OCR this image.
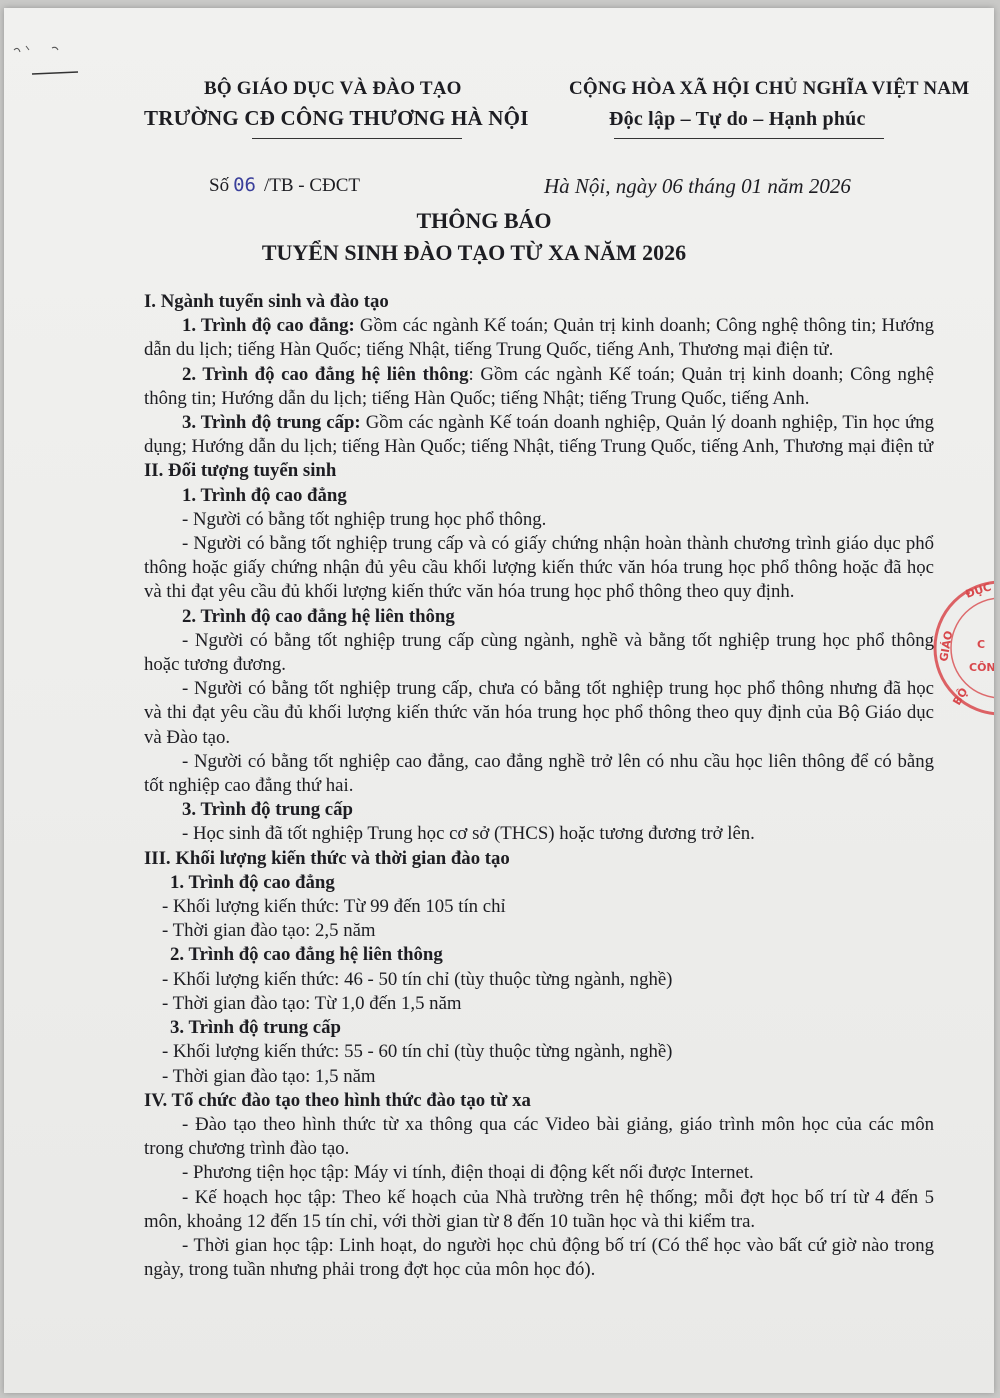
BỘ GIÁO DỤC VÀ ĐÀO TẠO
TRƯỜNG CĐ CÔNG THƯƠNG HÀ NỘI
CỘNG HÒA XÃ HỘI CHỦ NGHĨA VIỆT NAM
Độc lập – Tự do – Hạnh phúc
Số 06 /TB - CĐCT	Hà Nội, ngày 06 tháng 01 năm 2026
THÔNG BÁO
TUYỂN SINH ĐÀO TẠO TỪ XA NĂM 2026

I. Ngành tuyển sinh và đào tạo

1. Trình độ cao đẳng: Gồm các ngành Kế toán; Quản trị kinh doanh; Công nghệ thông tin; Hướng dẫn du lịch; tiếng Hàn Quốc; tiếng Nhật, tiếng Trung Quốc, tiếng Anh, Thương mại điện tử.

2. Trình độ cao đẳng hệ liên thông: Gồm các ngành Kế toán; Quản trị kinh doanh; Công nghệ thông tin; Hướng dẫn du lịch; tiếng Hàn Quốc; tiếng Nhật; tiếng Trung Quốc, tiếng Anh.

3. Trình độ trung cấp: Gồm các ngành Kế toán doanh nghiệp, Quản lý doanh nghiệp, Tin học ứng dụng; Hướng dẫn du lịch; tiếng Hàn Quốc; tiếng Nhật, tiếng Trung Quốc, tiếng Anh, Thương mại điện tử

II. Đối tượng tuyển sinh

1. Trình độ cao đẳng

- Người có bằng tốt nghiệp trung học phổ thông.

- Người có bằng tốt nghiệp trung cấp và có giấy chứng nhận hoàn thành chương trình giáo dục phổ thông hoặc giấy chứng nhận đủ yêu cầu khối lượng kiến thức văn hóa trung học phổ thông hoặc đã học và thi đạt yêu cầu đủ khối lượng kiến thức văn hóa trung học phổ thông theo quy định.

2. Trình độ cao đẳng hệ liên thông

- Người có bằng tốt nghiệp trung cấp cùng ngành, nghề và bằng tốt nghiệp trung học phổ thông hoặc tương đương.

- Người có bằng tốt nghiệp trung cấp, chưa có bằng tốt nghiệp trung học phổ thông nhưng đã học và thi đạt yêu cầu đủ khối lượng kiến thức văn hóa trung học phổ thông theo quy định của Bộ Giáo dục và Đào tạo.

- Người có bằng tốt nghiệp cao đẳng, cao đẳng nghề trở lên có nhu cầu học liên thông để có bằng tốt nghiệp cao đẳng thứ hai.

3. Trình độ trung cấp

- Học sinh đã tốt nghiệp Trung học cơ sở (THCS) hoặc tương đương trở lên.

III. Khối lượng kiến thức và thời gian đào tạo

1. Trình độ cao đẳng

- Khối lượng kiến thức: Từ 99 đến 105 tín chỉ

- Thời gian đào tạo: 2,5 năm

2. Trình độ cao đẳng hệ liên thông

- Khối lượng kiến thức: 46 - 50 tín chỉ (tùy thuộc từng ngành, nghề)

- Thời gian đào tạo: Từ 1,0 đến 1,5 năm

3. Trình độ trung cấp

- Khối lượng kiến thức: 55 - 60 tín chỉ (tùy thuộc từng ngành, nghề)

- Thời gian đào tạo: 1,5 năm

IV. Tổ chức đào tạo theo hình thức đào tạo từ xa

- Đào tạo theo hình thức từ xa thông qua các Video bài giảng, giáo trình môn học của các môn trong chương trình đào tạo.

- Phương tiện học tập: Máy vi tính, điện thoại di động kết nối được Internet.

- Kế hoạch học tập: Theo kế hoạch của Nhà trường trên hệ thống; mỗi đợt học bố trí từ 4 đến 5 môn, khoảng 12 đến 15 tín chỉ, với thời gian từ 8 đến 10 tuần học và thi kiểm tra.

- Thời gian học tập: Linh hoạt, do người học chủ động bố trí (Có thể học vào bất cứ giờ nào trong ngày, trong tuần nhưng phải trong đợt học của môn học đó).

ĐỤC
GIÁO C
CÔN
BỘ
